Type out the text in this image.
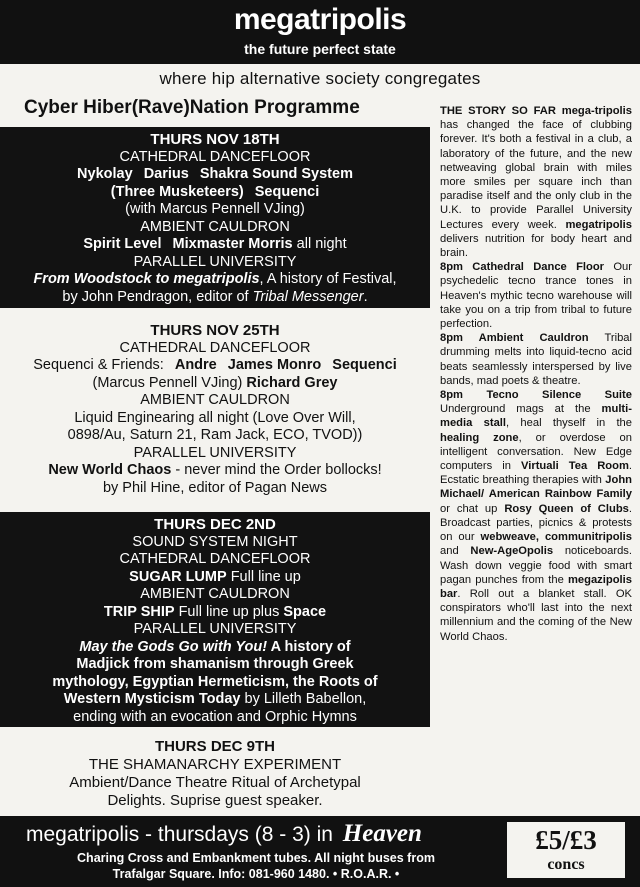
megatripolis
the future perfect state
where hip alternative society congregates
Cyber Hiber(Rave)Nation Programme
THURS NOV 18TH
CATHEDRAL DANCEFLOOR
Nykolay Darius Shakra Sound System
(Three Musketeers) Sequenci
(with Marcus Pennell VJing)
AMBIENT CAULDRON
Spirit Level Mixmaster Morris all night
PARALLEL UNIVERSITY
From Woodstock to megatripolis, A history of Festival,
by John Pendragon, editor of Tribal Messenger.
THURS NOV 25TH
CATHEDRAL DANCEFLOOR
Sequenci & Friends: Andre James Monro Sequenci
(Marcus Pennell VJing) Richard Grey
AMBIENT CAULDRON
Liquid Enginearing all night (Love Over Will,
0898/Au, Saturn 21, Ram Jack, ECO, TVOD))
PARALLEL UNIVERSITY
New World Chaos - never mind the Order bollocks!
by Phil Hine, editor of Pagan News
THURS DEC 2ND
SOUND SYSTEM NIGHT
CATHEDRAL DANCEFLOOR
SUGAR LUMP Full line up
AMBIENT CAULDRON
TRIP SHIP Full line up plus Space
PARALLEL UNIVERSITY
May the Gods Go with You! A history of
Madjick from shamanism through Greek
mythology, Egyptian Hermeticism, the Roots of
Western Mysticism Today by Lilleth Babellon,
ending with an evocation and Orphic Hymns
THURS DEC 9TH
THE SHAMANARCHY EXPERIMENT
Ambient/Dance Theatre Ritual of Archetypal
Delights. Suprise guest speaker.

THE STORY SO FAR mega-tripolis has changed the face of clubbing forever. It's both a festival in a club, a laboratory of the future, and the new netweaving global brain with miles more smiles per square inch than paradise itself and the only club in the U.K. to provide Parallel University Lectures every week. megatripolis delivers nutrition for body heart and brain.

8pm Cathedral Dance Floor Our psychedelic tecno trance tones in Heaven's mythic tecno warehouse will take you on a trip from tribal to future perfection.

8pm Ambient Cauldron Tribal drumming melts into liquid-tecno acid beats seamlessly interspersed by live bands, mad poets & theatre.

8pm Tecno Silence Suite Underground mags at the multi-media stall, heal thyself in the healing zone, or overdose on intelligent conversation. New Edge computers in Virtuali Tea Room. Ecstatic breathing therapies with John Michael/ American Rainbow Family or chat up Rosy Queen of Clubs. Broadcast parties, picnics & protests on our webweave, communitripolis and New-AgeOpolis noticeboards. Wash down veggie food with smart pagan punches from the megazipolis bar. Roll out a blanket stall. OK conspirators who'll last into the next millennium and the coming of the New World Chaos.

megatripolis - thursdays (8 - 3) in Heaven
Charing Cross and Embankment tubes. All night buses from
Trafalgar Square. Info: 081-960 1480. • R.O.A.R. •
£5/£3
concs
